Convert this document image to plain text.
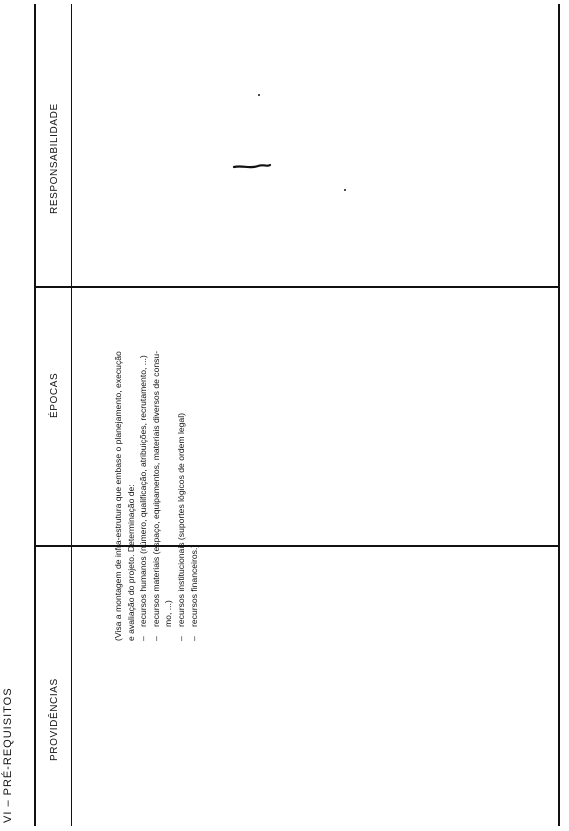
VI – PRÉ-REQUISITOS	PROVIDÊNCIAS
ÉPOCAS
RESPONSABILIDADE
(Visa a montagem de infra-estrutura que embase o planejamento, execução e avaliação do projeto. Determinação de: –recursos humanos (número, qualificação, atribuições, recrutamento, ...)
–recursos materiais (espaço, equipamentos, materiais diversos de consu- mo, ...)
–recursos institucionais (suportes lógicos de ordem legal)
–recursos financeiros.)
